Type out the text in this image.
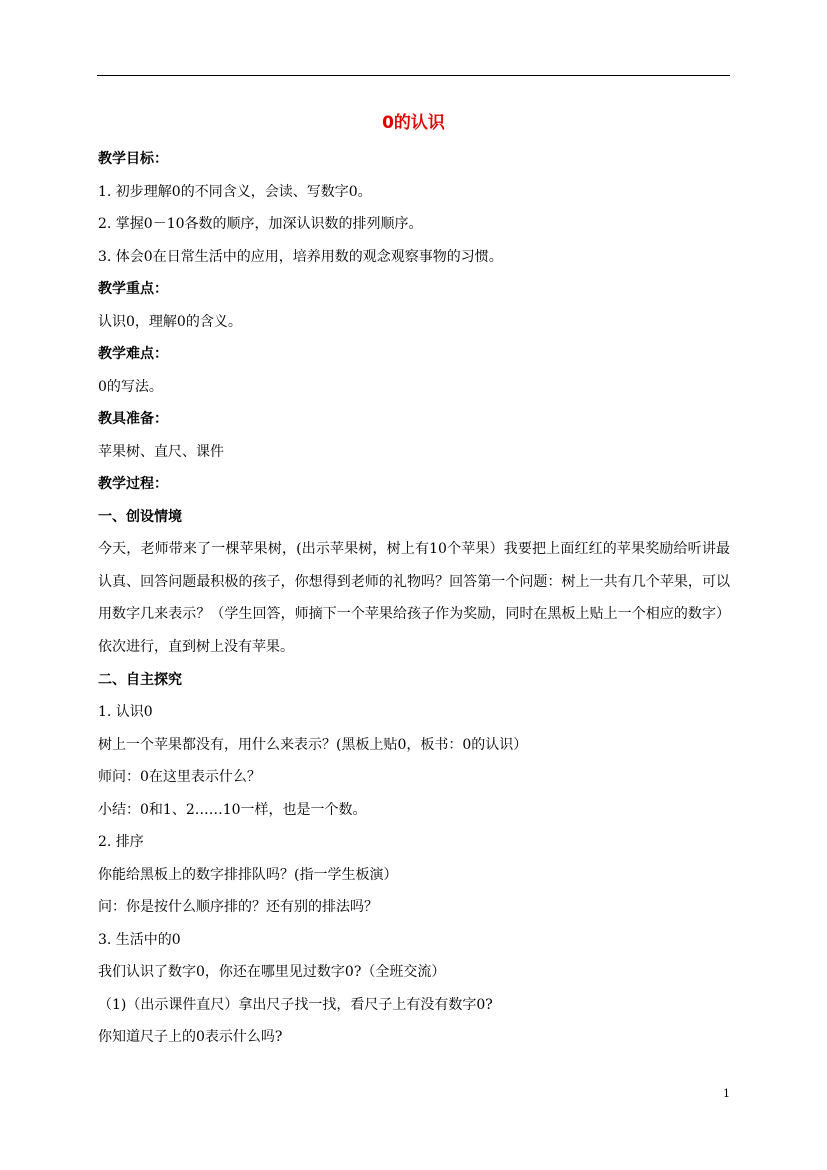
0的认识
教学目标：
1. 初步理解0的不同含义，会读、写数字0。
2. 掌握0－10各数的顺序，加深认识数的排列顺序。
3. 体会0在日常生活中的应用，培养用数的观念观察事物的习惯。
教学重点：
认识0，理解0的含义。
教学难点：
0的写法。
教具准备：
苹果树、直尺、课件
教学过程：
一、创设情境
今天，老师带来了一棵苹果树，(出示苹果树，树上有10个苹果）我要把上面红红的苹果奖励给听讲最认真、回答问题最积极的孩子，你想得到老师的礼物吗？回答第一个问题：树上一共有几个苹果，可以用数字几来表示？（学生回答，师摘下一个苹果给孩子作为奖励，同时在黑板上贴上一个相应的数字）依次进行，直到树上没有苹果。
二、自主探究
1. 认识0
树上一个苹果都没有，用什么来表示？(黑板上贴0，板书：0的认识）
师问：0在这里表示什么？
小结：0和1、2……10一样，也是一个数。
2. 排序
你能给黑板上的数字排排队吗？(指一学生板演）
问：你是按什么顺序排的？还有别的排法吗？
3. 生活中的0
我们认识了数字0，你还在哪里见过数字0?（全班交流）
（1)（出示课件直尺）拿出尺子找一找，看尺子上有没有数字0?
你知道尺子上的0表示什么吗?
1
